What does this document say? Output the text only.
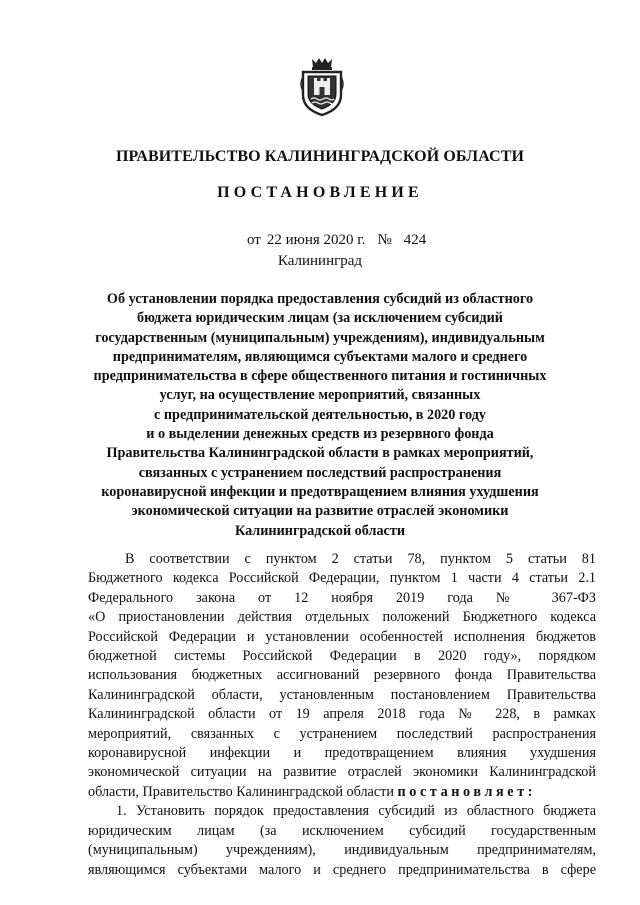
ПРАВИТЕЛЬСТВО КАЛИНИНГРАДСКОЙ ОБЛАСТИ
ПОСТАНОВЛЕНИЕ
от 22 июня 2020 г. № 424
Калининград
Об установлении порядка предоставления субсидий из областного
бюджета юридическим лицам (за исключением субсидий
государственным (муниципальным) учреждениям), индивидуальным
предпринимателям, являющимся субъектами малого и среднего
предпринимательства в сфере общественного питания и гостиничных
услуг, на осуществление мероприятий, связанных
с предпринимательской деятельностью, в 2020 году
и о выделении денежных средств из резервного фонда
Правительства Калининградской области в рамках мероприятий,
связанных с устранением последствий распространения
коронавирусной инфекции и предотвращением влияния ухудшения
экономической ситуации на развитие отраслей экономики
Калининградской области
В соответствии с пунктом 2 статьи 78, пунктом 5 статьи 81
Бюджетного кодекса Российской Федерации, пунктом 1 части 4 статьи 2.1
Федерального закона от 12 ноября 2019 года № 367-ФЗ
«О приостановлении действия отдельных положений Бюджетного кодекса
Российской Федерации и установлении особенностей исполнения бюджетов
бюджетной системы Российской Федерации в 2020 году», порядком
использования бюджетных ассигнований резервного фонда Правительства
Калининградской области, установленным постановлением Правительства
Калининградской области от 19 апреля 2018 года № 228, в рамках
мероприятий, связанных с устранением последствий распространения
коронавирусной инфекции и предотвращением влияния ухудшения
экономической ситуации на развитие отраслей экономики Калининградской
области, Правительство Калининградской области постановляет:
1. Установить порядок предоставления субсидий из областного бюджета
юридическим лицам (за исключением субсидий государственным
(муниципальным) учреждениям), индивидуальным предпринимателям,
являющимся субъектами малого и среднего предпринимательства в сфере
